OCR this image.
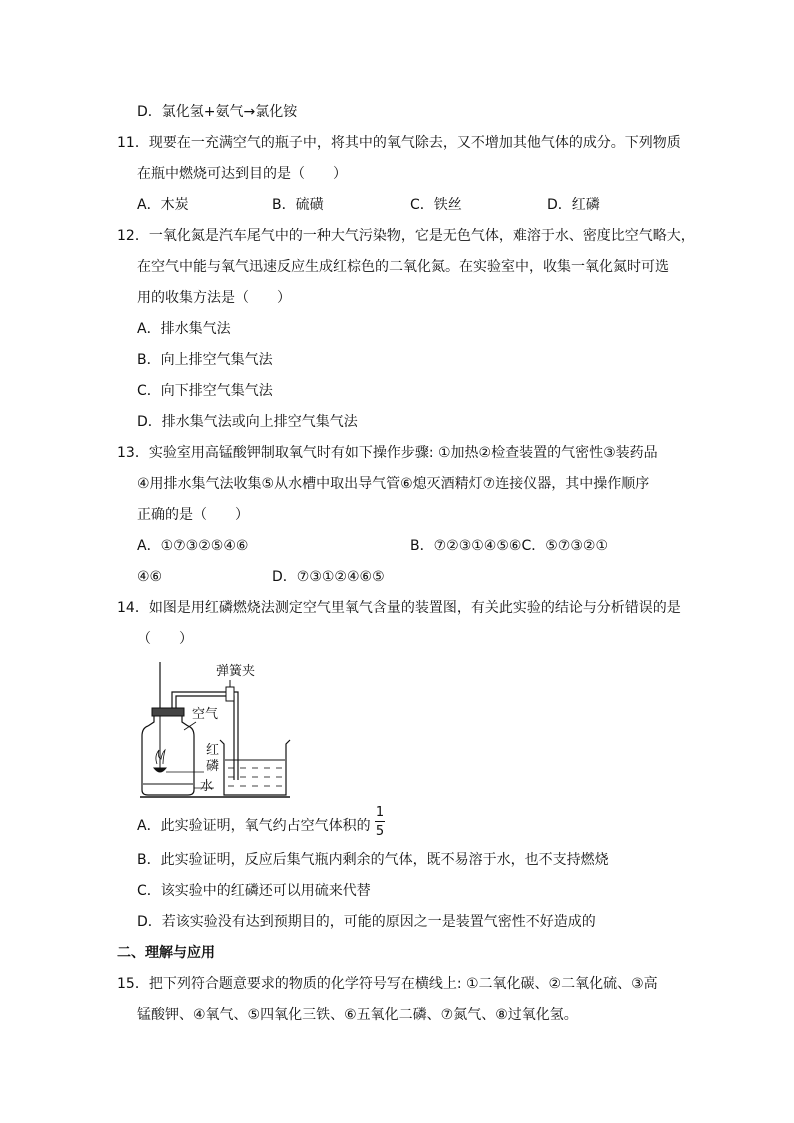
D．氯化氢+氨气→氯化铵
11．现要在一充满空气的瓶子中，将其中的氧气除去，又不增加其他气体的成分。下列物质
在瓶中燃烧可达到目的是（　　）
A．木炭	B．硫磺	C．铁丝	D．红磷
12．一氧化氮是汽车尾气中的一种大气污染物，它是无色气体，难溶于水、密度比空气略大，
在空气中能与氧气迅速反应生成红棕色的二氧化氮。在实验室中，收集一氧化氮时可选
用的收集方法是（　　）
A．排水集气法
B．向上排空气集气法
C．向下排空气集气法
D．排水集气法或向上排空气集气法
13．实验室用高锰酸钾制取氧气时有如下操作步骤: ①加热②检查装置的气密性③装药品
④用排水集气法收集⑤从水槽中取出导气管⑥熄灭酒精灯⑦连接仪器，其中操作顺序
正确的是（　　）
A．①⑦③②⑤④⑥	B．⑦②③①④⑤⑥C．⑤⑦③②①
④⑥	D．⑦③①②④⑥⑤
14．如图是用红磷燃烧法测定空气里氧气含量的装置图，有关此实验的结论与分析错误的是
（　　）
弹簧夹
空气
红
磷
水
A．此实验证明，氧气约占空气体积的
1
5
B．此实验证明，反应后集气瓶内剩余的气体，既不易溶于水，也不支持燃烧
C．该实验中的红磷还可以用硫来代替
D．若该实验没有达到预期目的，可能的原因之一是装置气密性不好造成的
二、理解与应用
15．把下列符合题意要求的物质的化学符号写在横线上: ①二氧化碳、②二氧化硫、③高
锰酸钾、④氧气、⑤四氧化三铁、⑥五氧化二磷、⑦氮气、⑧过氧化氢。
